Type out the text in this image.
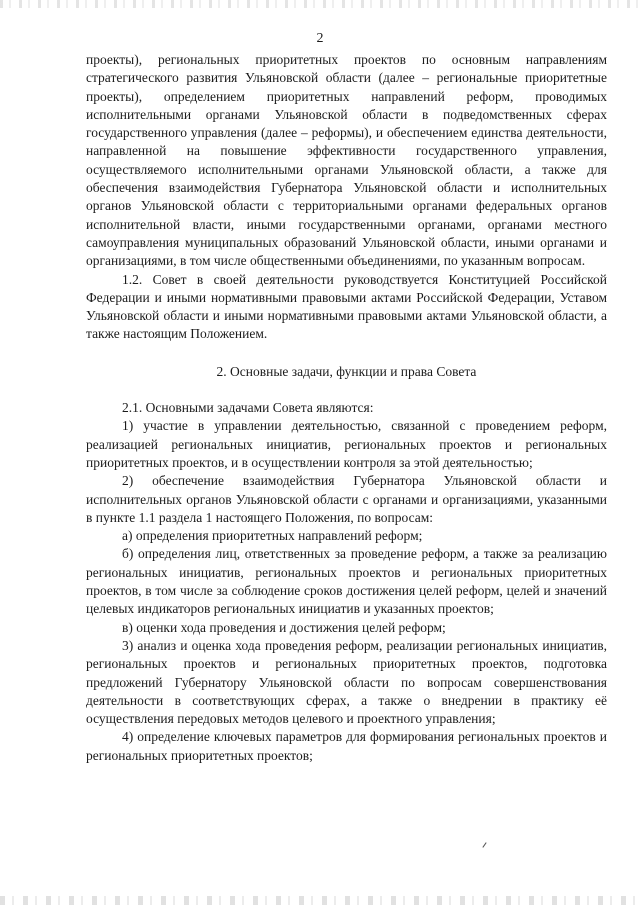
2

проекты), региональных приоритетных проектов по основным направлениям стратегического развития Ульяновской области (далее – региональные приоритетные проекты), определением приоритетных направлений реформ, проводимых исполнительными органами Ульяновской области в подведомственных сферах государственного управления (далее – реформы), и обеспечением единства деятельности, направленной на повышение эффективности государственного управления, осуществляемого исполнительными органами Ульяновской области, а также для обеспечения взаимодействия Губернатора Ульяновской области и исполнительных органов Ульяновской области с территориальными органами федеральных органов исполнительной власти, иными государственными органами, органами местного самоуправления муниципальных образований Ульяновской области, иными органами и организациями, в том числе общественными объединениями, по указанным вопросам.

1.2. Совет в своей деятельности руководствуется Конституцией Российской Федерации и иными нормативными правовыми актами Российской Федерации, Уставом Ульяновской области и иными нормативными правовыми актами Ульяновской области, а также настоящим Положением.

2. Основные задачи, функции и права Совета

2.1. Основными задачами Совета являются:

1) участие в управлении деятельностью, связанной с проведением реформ, реализацией региональных инициатив, региональных проектов и региональных приоритетных проектов, и в осуществлении контроля за этой деятельностью;

2) обеспечение взаимодействия Губернатора Ульяновской области и исполнительных органов Ульяновской области с органами и организациями, указанными в пункте 1.1 раздела 1 настоящего Положения, по вопросам:

а) определения приоритетных направлений реформ;

б) определения лиц, ответственных за проведение реформ, а также за реализацию региональных инициатив, региональных проектов и региональных приоритетных проектов, в том числе за соблюдение сроков достижения целей реформ, целей и значений целевых индикаторов региональных инициатив и указанных проектов;

в) оценки хода проведения и достижения целей реформ;

3) анализ и оценка хода проведения реформ, реализации региональных инициатив, региональных проектов и региональных приоритетных проектов, подготовка предложений Губернатору Ульяновской области по вопросам совершенствования деятельности в соответствующих сферах, а также о внедрении в практику её осуществления передовых методов целевого и проектного управления;

4) определение ключевых параметров для формирования региональных проектов и региональных приоритетных проектов;
